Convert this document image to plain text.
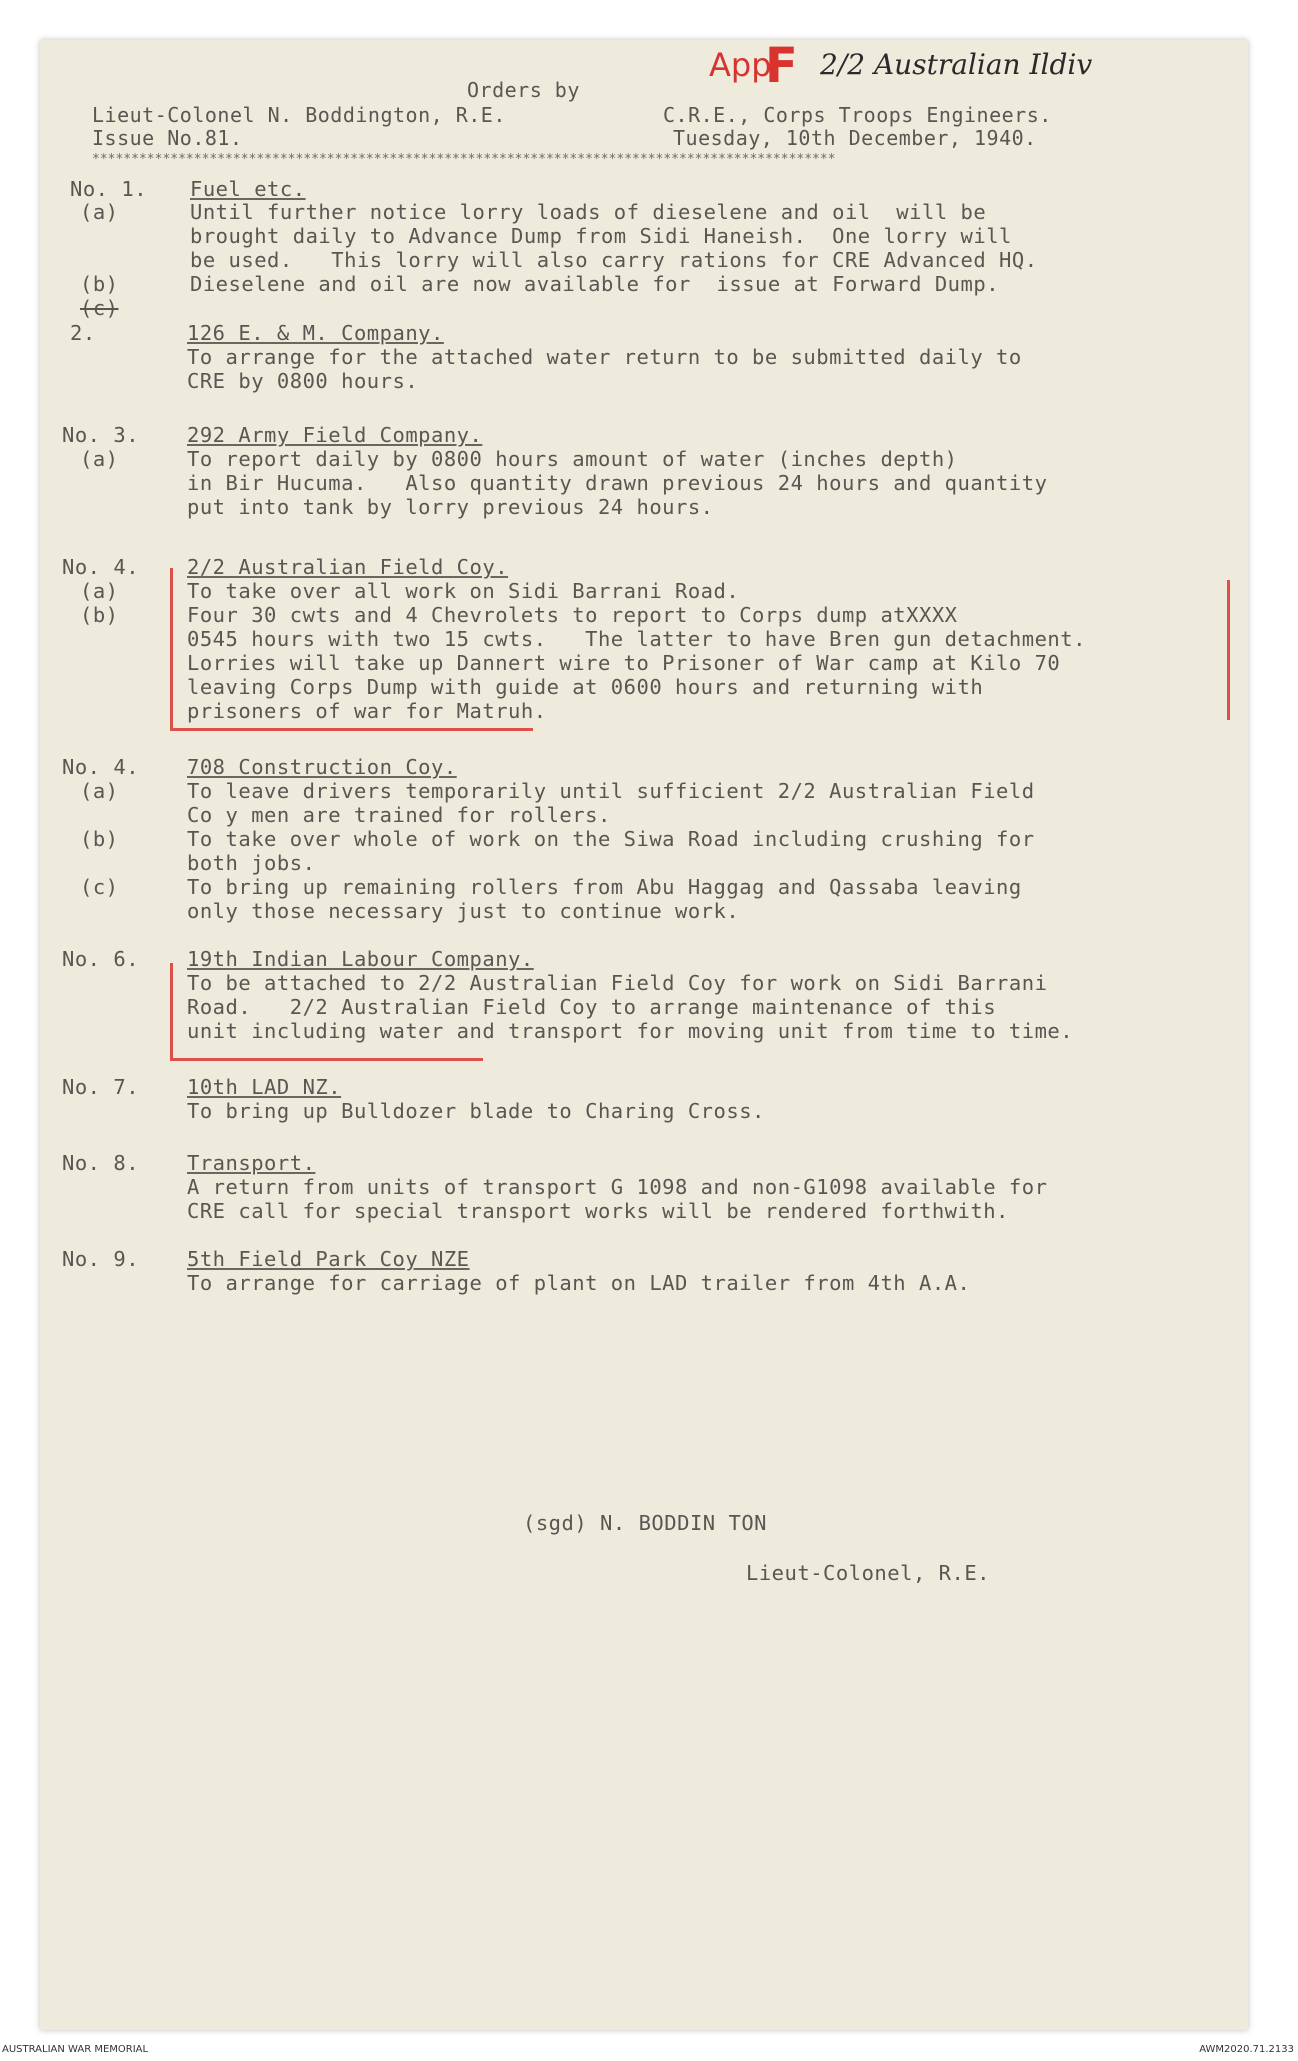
Orders by
Lieut-Colonel N. Boddington, R.E.	C.R.E., Corps Troops Engineers.
Issue No.81.	Tuesday, 10th December, 1940.
***********************************************************************************************
App
F 2/2 Australian Ildiv
No. 1. Fuel etc.
(a)	Until further notice lorry loads of dieselene and oil  will be
brought daily to Advance Dump from Sidi Haneish.  One lorry will
be used.   This lorry will also carry rations for CRE Advanced HQ.
(b)	Dieselene and oil are now available for  issue at Forward Dump.
(c)
2.	126 E. & M. Company.
To arrange for the attached water return to be submitted daily to
CRE by 0800 hours.
No. 3. 292 Army Field Company.
(a)	To report daily by 0800 hours amount of water (inches depth)
in Bir Hucuma.   Also quantity drawn previous 24 hours and quantity
put into tank by lorry previous 24 hours.
No. 4. 2/2 Australian Field Coy.
(a)	To take over all work on Sidi Barrani Road.
(b)	Four 30 cwts and 4 Chevrolets to report to Corps dump atXXXX
0545 hours with two 15 cwts.   The latter to have Bren gun detachment.
Lorries will take up Dannert wire to Prisoner of War camp at Kilo 70
leaving Corps Dump with guide at 0600 hours and returning with
prisoners of war for Matruh.
No. 4. 708 Construction Coy.
(a)	To leave drivers temporarily until sufficient 2/2 Australian Field
Co y men are trained for rollers.
(b)	To take over whole of work on the Siwa Road including crushing for
both jobs.
(c)	To bring up remaining rollers from Abu Haggag and Qassaba leaving
only those necessary just to continue work.
No. 6. 19th Indian Labour Company.
To be attached to 2/2 Australian Field Coy for work on Sidi Barrani
Road.   2/2 Australian Field Coy to arrange maintenance of this
unit including water and transport for moving unit from time to time.
No. 7. 10th LAD NZ.
To bring up Bulldozer blade to Charing Cross.
No. 8. Transport.
A return from units of transport G 1098 and non-G1098 available for
CRE call for special transport works will be rendered forthwith.
No. 9. 5th Field Park Coy NZE
To arrange for carriage of plant on LAD trailer from 4th A.A.
(sgd) N. BODDIN TON
Lieut-Colonel, R.E.
AUSTRALIAN WAR MEMORIAL	AWM2020.71.2133
